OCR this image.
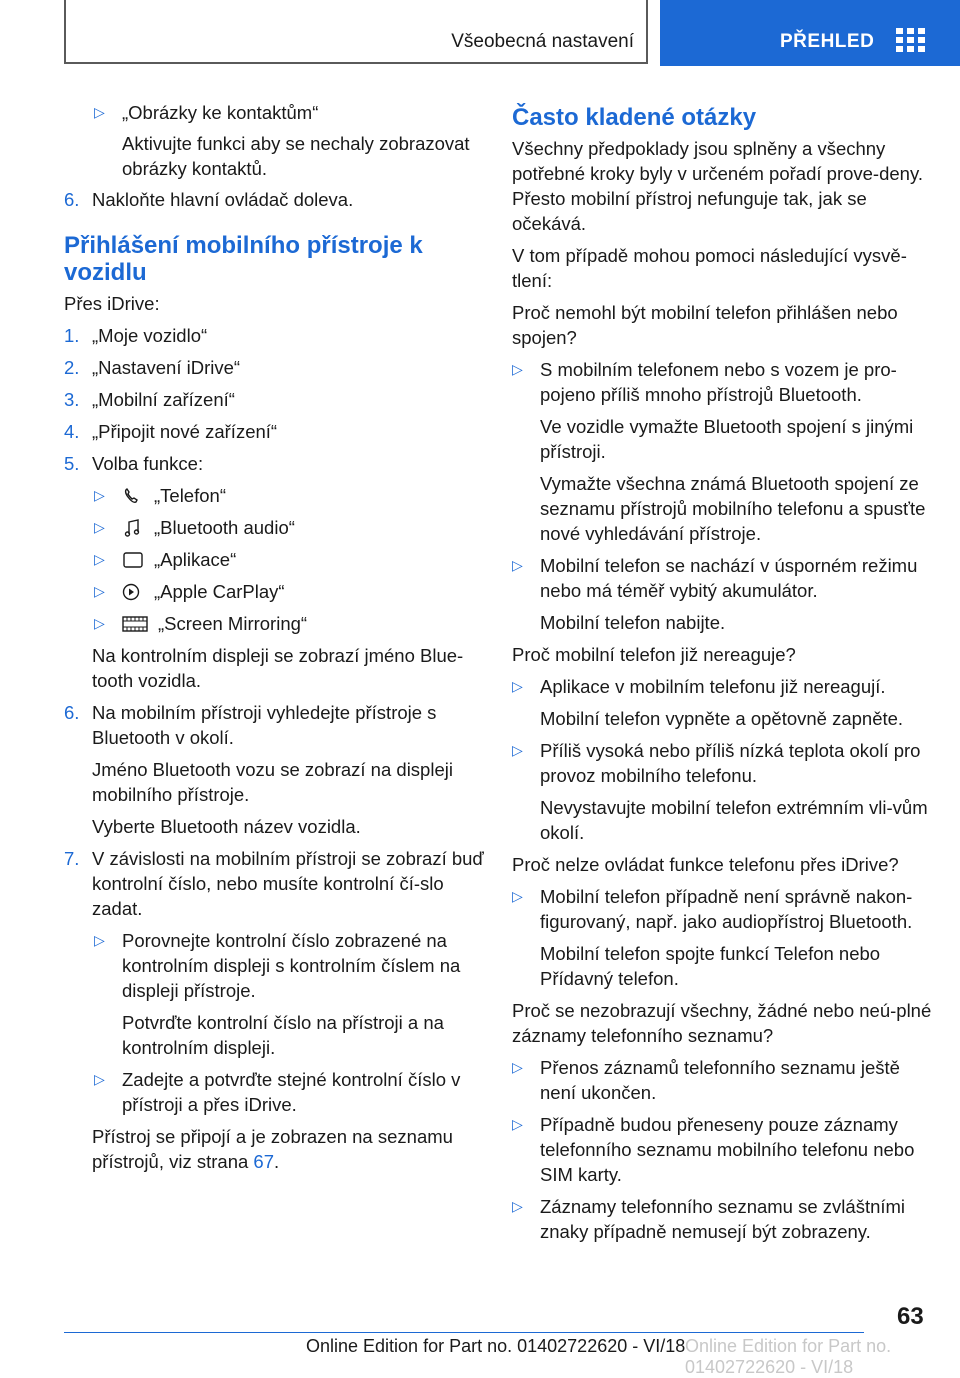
Všeobecná nastavení	PŘEHLED
▷ „Obrázky ke kontaktům“
Aktivujte funkci aby se nechaly zobrazovat obrázky kontaktů.
6. Nakloňte hlavní ovládač doleva.
Přihlášení mobilního přístroje k vozidlu
Přes iDrive:
1. „Moje vozidlo“
2. „Nastavení iDrive“
3. „Mobilní zařízení“
4. „Připojit nové zařízení“
5. Volba funkce:
▷	„Telefon“
▷	„Bluetooth audio“
▷	„Aplikace“
▷	„Apple CarPlay“
▷	„Screen Mirroring“
Na kontrolním displeji se zobrazí jméno Blue‐tooth vozidla.
6. Na mobilním přístroji vyhledejte přístroje s Bluetooth v okolí.
Jméno Bluetooth vozu se zobrazí na displeji mobilního přístroje.
Vyberte Bluetooth název vozidla.
7. V závislosti na mobilním přístroji se zobrazí buď kontrolní číslo, nebo musíte kontrolní čí‐slo zadat.
▷ Porovnejte kontrolní číslo zobrazené na kontrolním displeji s kontrolním číslem na displeji přístroje.
Potvrďte kontrolní číslo na přístroji a na kontrolním displeji.
▷ Zadejte a potvrďte stejné kontrolní číslo v přístroji a přes iDrive.
Přístroj se připojí a je zobrazen na seznamu přístrojů, viz strana 67.
Často kladené otázky
Všechny předpoklady jsou splněny a všechny potřebné kroky byly v určeném pořadí prove‐deny. Přesto mobilní přístroj nefunguje tak, jak se očekává.
V tom případě mohou pomoci následující vysvě‐tlení:
Proč nemohl být mobilní telefon přihlášen nebo spojen?
▷ S mobilním telefonem nebo s vozem je pro‐pojeno příliš mnoho přístrojů Bluetooth.
Ve vozidle vymažte Bluetooth spojení s jinými přístroji.
Vymažte všechna známá Bluetooth spojení ze seznamu přístrojů mobilního telefonu a spusťte nové vyhledávání přístroje.
▷ Mobilní telefon se nachází v úsporném režimu nebo má téměř vybitý akumulátor.
Mobilní telefon nabijte.
Proč mobilní telefon již nereaguje?
▷ Aplikace v mobilním telefonu již nereagují.
Mobilní telefon vypněte a opětovně zapněte.
▷ Příliš vysoká nebo příliš nízká teplota okolí pro provoz mobilního telefonu.
Nevystavujte mobilní telefon extrémním vli‐vům okolí.
Proč nelze ovládat funkce telefonu přes iDrive?
▷ Mobilní telefon případně není správně nakon‐figurovaný, např. jako audiopřístroj Bluetooth.
Mobilní telefon spojte funkcí Telefon nebo Přídavný telefon.
Proč se nezobrazují všechny, žádné nebo neú‐plné záznamy telefonního seznamu?
▷ Přenos záznamů telefonního seznamu ještě není ukončen.
▷ Případně budou přeneseny pouze záznamy telefonního seznamu mobilního telefonu nebo SIM karty.
▷ Záznamy telefonního seznamu se zvláštními znaky případně nemusejí být zobrazeny.
63
Online Edition for Part no. 01402722620 - VI/18 Online Edition for Part no. 01402722620 - VI/18
